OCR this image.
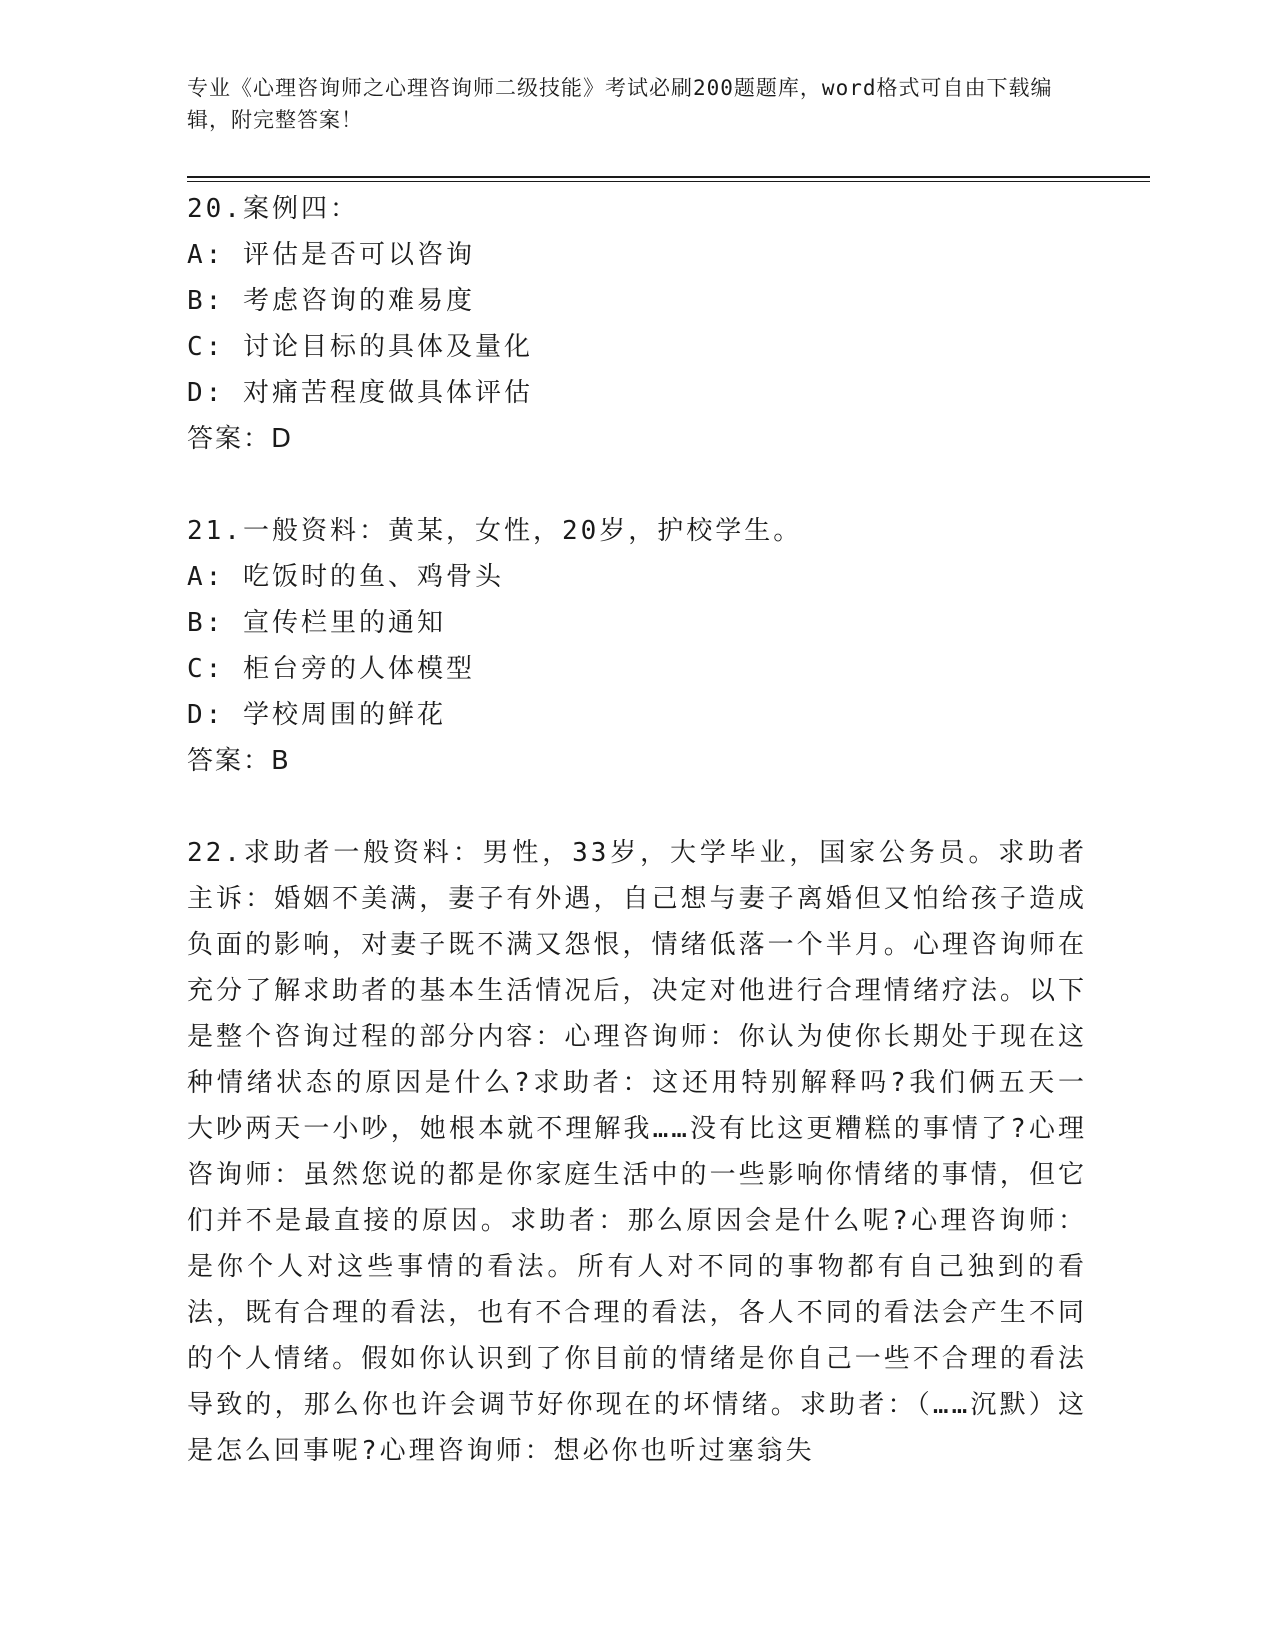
专业《心理咨询师之心理咨询师二级技能》考试必刷200题题库，word格式可自由下载编辑，附完整答案！
20.案例四：
A: 评估是否可以咨询
B: 考虑咨询的难易度
C: 讨论目标的具体及量化
D: 对痛苦程度做具体评估
答案：D
21.一般资料：黄某，女性，20岁，护校学生。
A: 吃饭时的鱼、鸡骨头
B: 宣传栏里的通知
C: 柜台旁的人体模型
D: 学校周围的鲜花
答案：B
22.求助者一般资料：男性，33岁，大学毕业，国家公务员。求助者主诉：婚姻不美满，妻子有外遇，自己想与妻子离婚但又怕给孩子造成负面的影响，对妻子既不满又怨恨，情绪低落一个半月。心理咨询师在充分了解求助者的基本生活情况后，决定对他进行合理情绪疗法。以下是整个咨询过程的部分内容：心理咨询师：你认为使你长期处于现在这种情绪状态的原因是什么?求助者：这还用特别解释吗?我们俩五天一大吵两天一小吵，她根本就不理解我……没有比这更糟糕的事情了?心理咨询师：虽然您说的都是你家庭生活中的一些影响你情绪的事情，但它们并不是最直接的原因。求助者：那么原因会是什么呢?心理咨询师：是你个人对这些事情的看法。所有人对不同的事物都有自己独到的看法，既有合理的看法，也有不合理的看法，各人不同的看法会产生不同的个人情绪。假如你认识到了你目前的情绪是你自己一些不合理的看法导致的，那么你也许会调节好你现在的坏情绪。求助者：（……沉默）这是怎么回事呢?心理咨询师：想必你也听过塞翁失
